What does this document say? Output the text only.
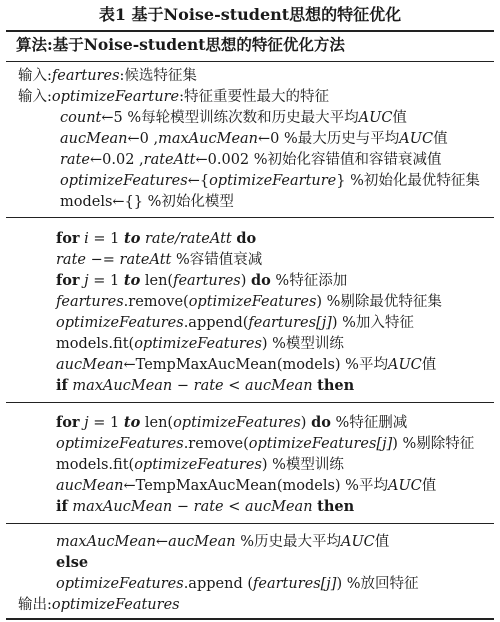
表1 基于Noise-student思想的特征优化
算法:基于Noise-student思想的特征优化方法
输入:feartures:候选特征集
输入:optimizeFearture:特征重要性最大的特征
count←5 %每轮模型训练次数和历史最大平均AUC值
aucMean←0 ,maxAucMean←0 %最大历史与平均AUC值
rate←0.02 ,rateAtt←0.002 %初始化容错值和容错衰减值
optimizeFeatures←{optimizeFearture} %初始化最优特征集
models←{} %初始化模型
for i = 1 to rate/rateAtt do
rate −= rateAtt %容错值衰减
for j = 1 to len(feartures) do %特征添加
feartures.remove(optimizeFeatures) %剔除最优特征集
optimizeFeatures.append(feartures[j]) %加入特征
models.fit(optimizeFeatures) %模型训练
aucMean←TempMaxAucMean(models) %平均AUC值
if maxAucMean − rate < aucMean then
for j = 1 to len(optimizeFeatures) do %特征删减
optimizeFeatures.remove(optimizeFeatures[j]) %剔除特征
models.fit(optimizeFeatures) %模型训练
aucMean←TempMaxAucMean(models) %平均AUC值
if maxAucMean − rate < aucMean then
maxAucMean←aucMean %历史最大平均AUC值
else
optimizeFeatures.append (feartures[j]) %放回特征
输出:optimizeFeatures
